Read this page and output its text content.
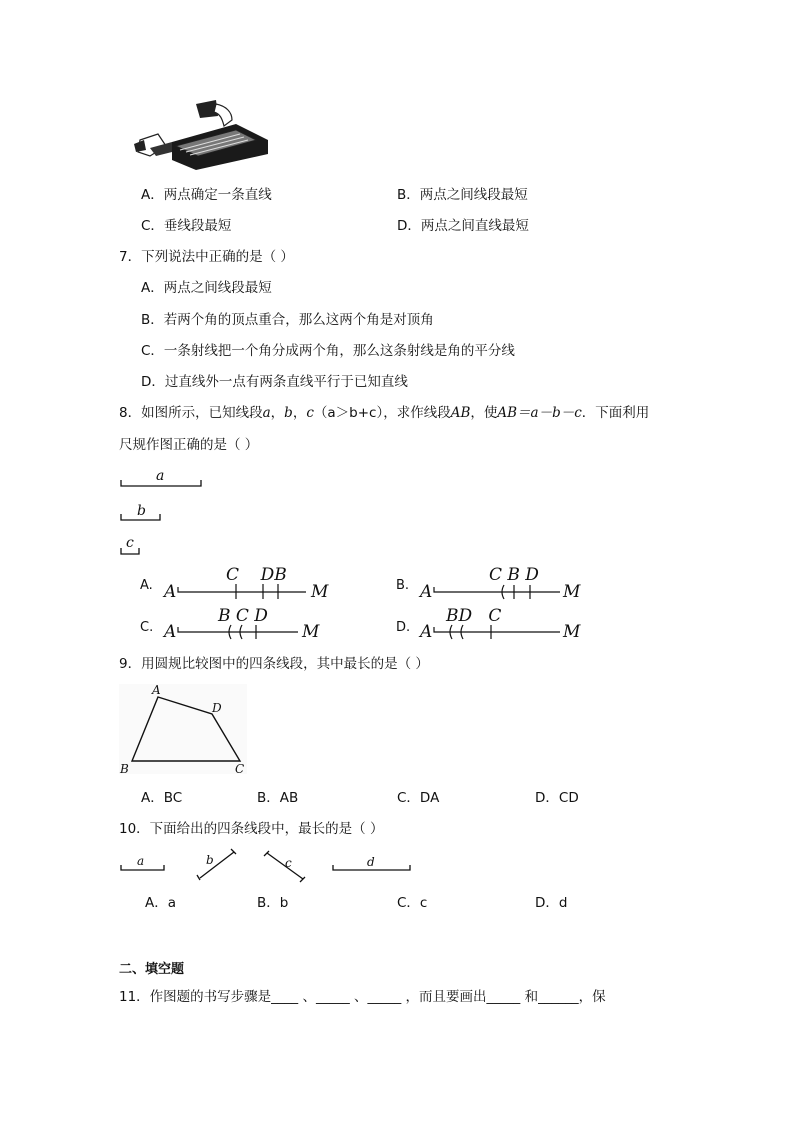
A．两点确定一条直线	B．两点之间线段最短
C．垂线段最短	D．两点之间直线最短
7．下列说法中正确的是（ ）
A．两点之间线段最短
B．若两个角的顶点重合，那么这两个角是对顶角
C．一条射线把一个角分成两个角，那么这条射线是角的平分线
D．过直线外一点有两条直线平行于已知直线
8．如图所示，已知线段a，b，c（a＞b+c），求作线段AB，使AB＝a－b－c．下面利用
尺规作图正确的是（ ）
a
b
c
A.	B.
C.	D.
A
C    DB
M	A
C B D
M
A
B C D
M	A
BD   C
M
9．用圆规比较图中的四条线段，其中最长的是（ ）
A
D
B	C
A．BC	B．AB	C．DA	D．CD
10．下面给出的四条线段中，最长的是（ ）
a	b	c	d
A．a	B．b	C．c	D．d
二、填空题
11．作图题的书写步骤是____ 、_____ 、_____ ，而且要画出_____ 和______，保
